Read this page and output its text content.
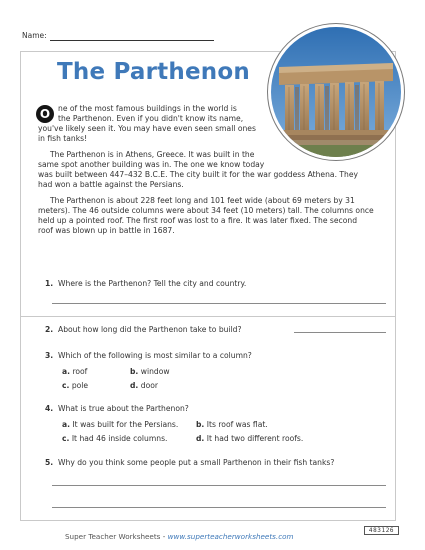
Name:
The Parthenon
O	ne of the most famous buildings in the world is
the Parthenon. Even if you didn't know its name,
you've likely seen it. You may have even seen small ones
in fish tanks!
The Parthenon is in Athens, Greece. It was built in the
same spot another building was in. The one we know today
was built between 447–432 B.C.E. The city built it for the war goddess Athena. They
had won a battle against the Persians.
The Parthenon is about 228 feet long and 101 feet wide (about 69 meters by 31
meters). The 46 outside columns were about 34 feet (10 meters) tall. The columns once
held up a pointed roof. The first roof was lost to a fire. It was later fixed. The second
roof was blown up in battle in 1687.
1. Where is the Parthenon? Tell the city and country.
2. About how long did the Parthenon take to build?
3. Which of the following is most similar to a column?
a. roof	b. window
c. pole	d. door
4. What is true about the Parthenon?
a. It was built for the Persians. b. Its roof was flat.
c. It had 46 inside columns.	d. It had two different roofs.
5. Why do you think some people put a small Parthenon in their fish tanks?
Super Teacher Worksheets - www.superteacherworksheets.com
483126
